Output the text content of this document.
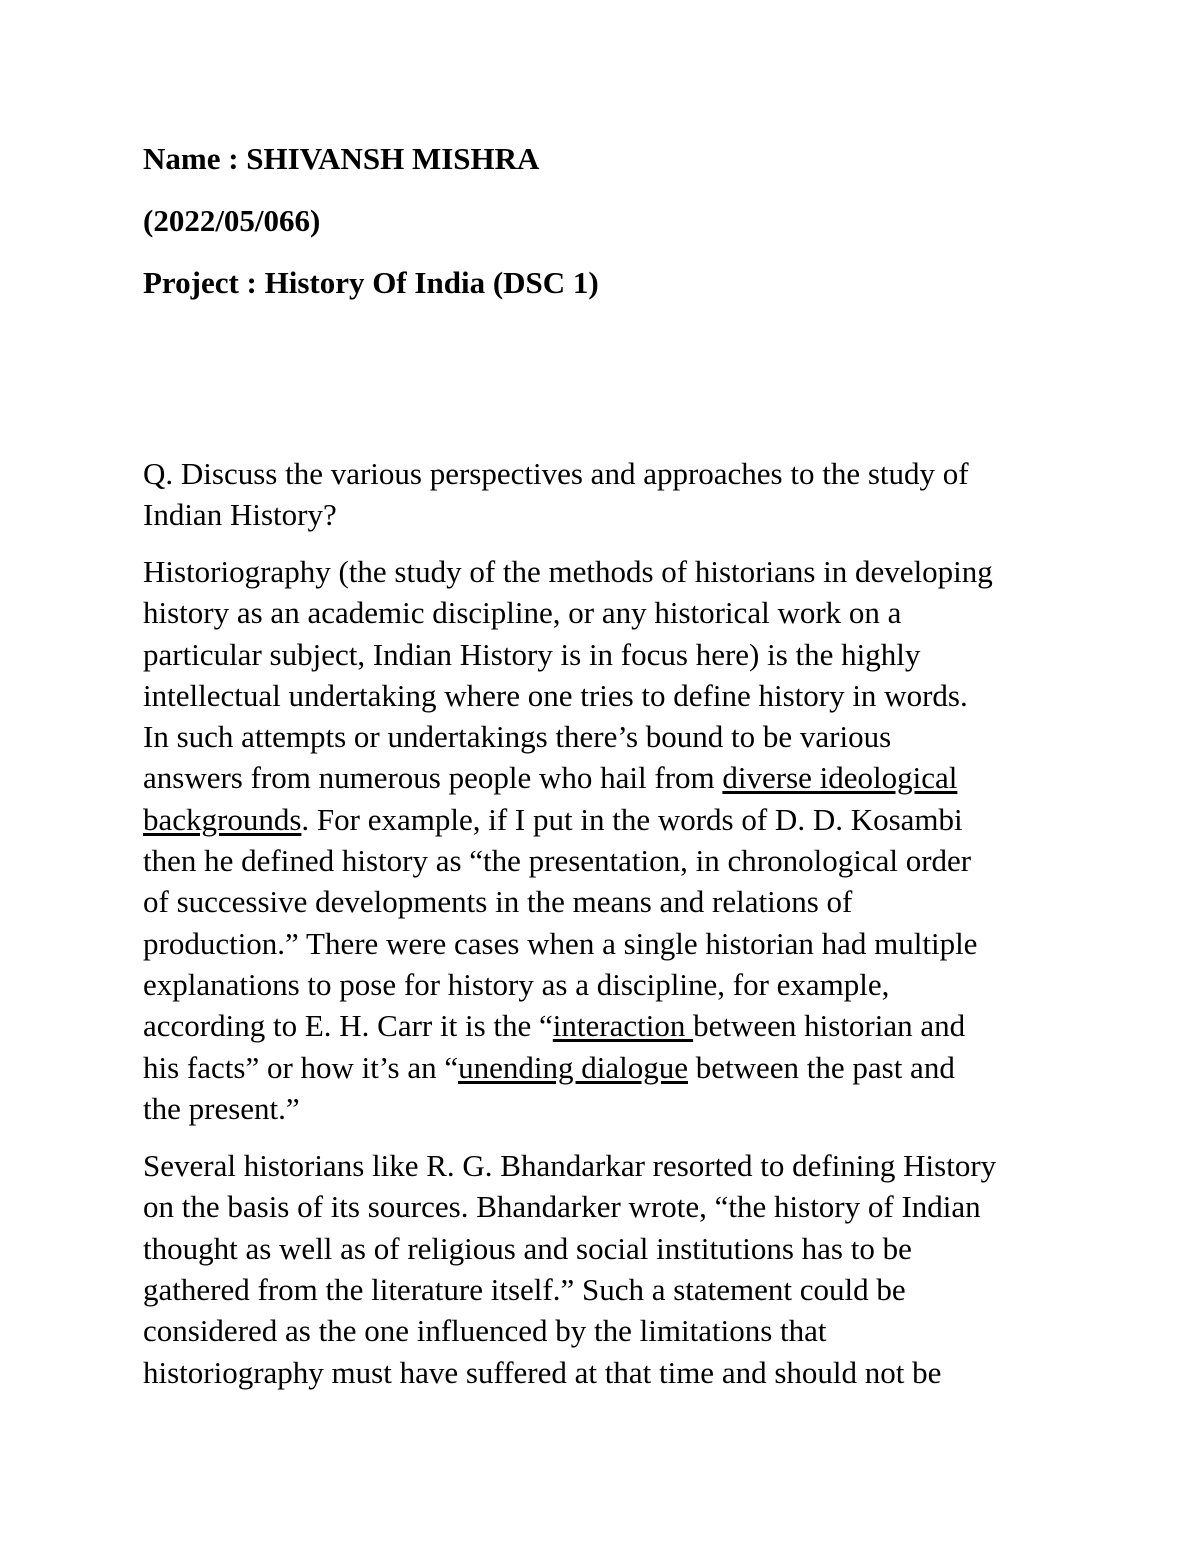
Name : SHIVANSH MISHRA
(2022/05/066)
Project : History Of India (DSC 1)
Q. Discuss the various perspectives and approaches to the study of
Indian History?
Historiography (the study of the methods of historians in developing
history as an academic discipline, or any historical work on a
particular subject, Indian History is in focus here) is the highly
intellectual undertaking where one tries to define history in words.
In such attempts or undertakings there’s bound to be various
answers from numerous people who hail from diverse ideological
backgrounds. For example, if I put in the words of D. D. Kosambi
then he defined history as “the presentation, in chronological order
of successive developments in the means and relations of
production.” There were cases when a single historian had multiple
explanations to pose for history as a discipline, for example,
according to E. H. Carr it is the “interaction between historian and
his facts” or how it’s an “unending dialogue between the past and
the present.”
Several historians like R. G. Bhandarkar resorted to defining History
on the basis of its sources. Bhandarker wrote, “the history of Indian
thought as well as of religious and social institutions has to be
gathered from the literature itself.” Such a statement could be
considered as the one influenced by the limitations that
historiography must have suffered at that time and should not be
